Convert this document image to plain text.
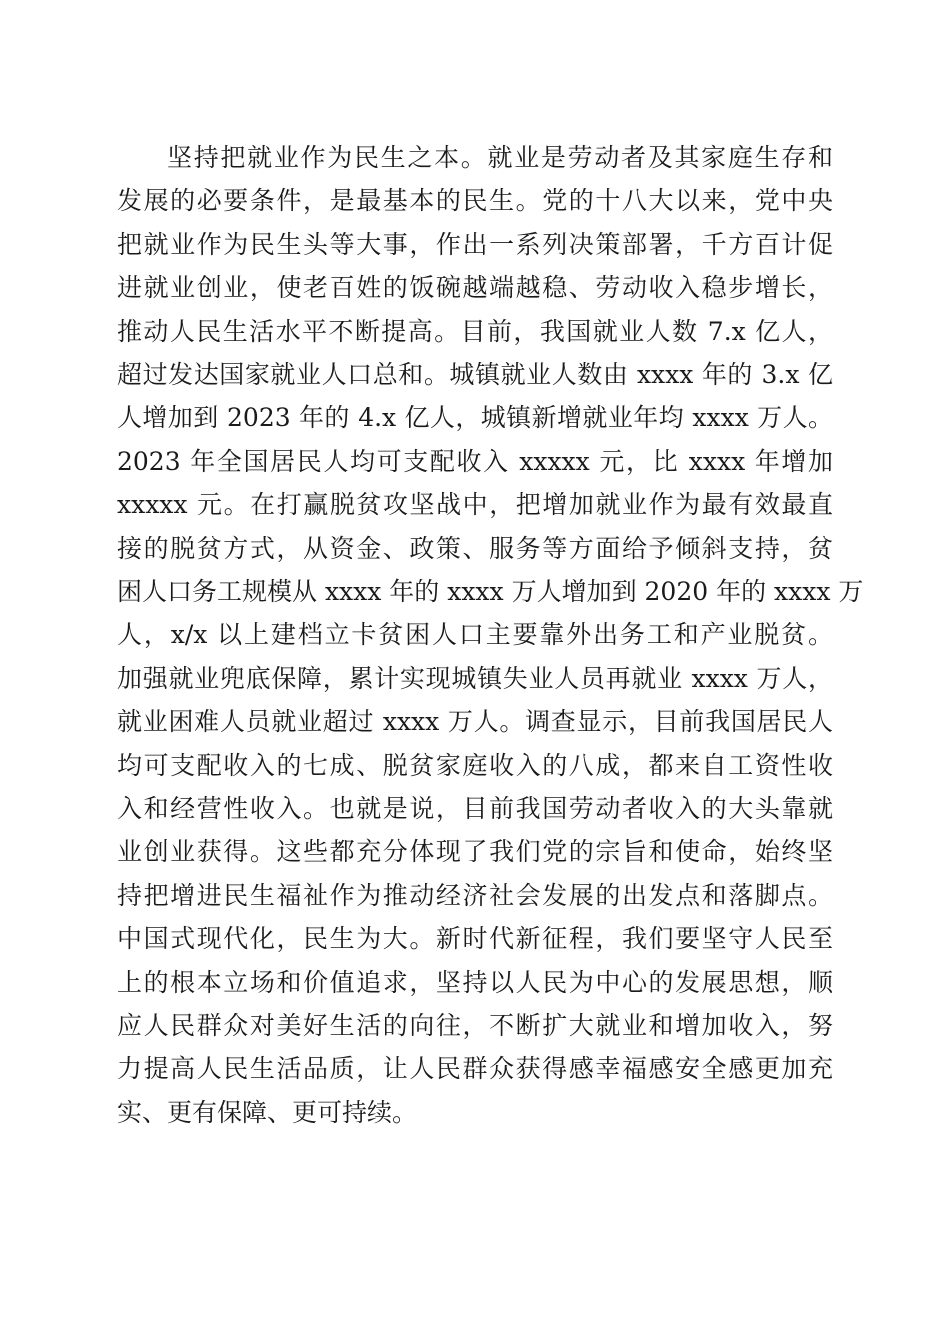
坚持把就业作为民生之本。就业是劳动者及其家庭生存和
发展的必要条件，是最基本的民生。党的十八大以来，党中央
把就业作为民生头等大事，作出一系列决策部署，千方百计促
进就业创业，使老百姓的饭碗越端越稳、劳动收入稳步增长，
推动人民生活水平不断提高。目前，我国就业人数 7.x 亿人，
超过发达国家就业人口总和。城镇就业人数由 xxxx 年的 3.x 亿
人增加到 2023 年的 4.x 亿人，城镇新增就业年均 xxxx 万人。
2023 年全国居民人均可支配收入 xxxxx 元，比 xxxx 年增加
xxxxx 元。在打赢脱贫攻坚战中，把增加就业作为最有效最直
接的脱贫方式，从资金、政策、服务等方面给予倾斜支持，贫
困人口务工规模从 xxxx 年的 xxxx 万人增加到 2020 年的 xxxx 万
人，x/x 以上建档立卡贫困人口主要靠外出务工和产业脱贫。
加强就业兜底保障，累计实现城镇失业人员再就业 xxxx 万人，
就业困难人员就业超过 xxxx 万人。调查显示，目前我国居民人
均可支配收入的七成、脱贫家庭收入的八成，都来自工资性收
入和经营性收入。也就是说，目前我国劳动者收入的大头靠就
业创业获得。这些都充分体现了我们党的宗旨和使命，始终坚
持把增进民生福祉作为推动经济社会发展的出发点和落脚点。
中国式现代化，民生为大。新时代新征程，我们要坚守人民至
上的根本立场和价值追求，坚持以人民为中心的发展思想，顺
应人民群众对美好生活的向往，不断扩大就业和增加收入，努
力提高人民生活品质，让人民群众获得感幸福感安全感更加充
实、更有保障、更可持续。
